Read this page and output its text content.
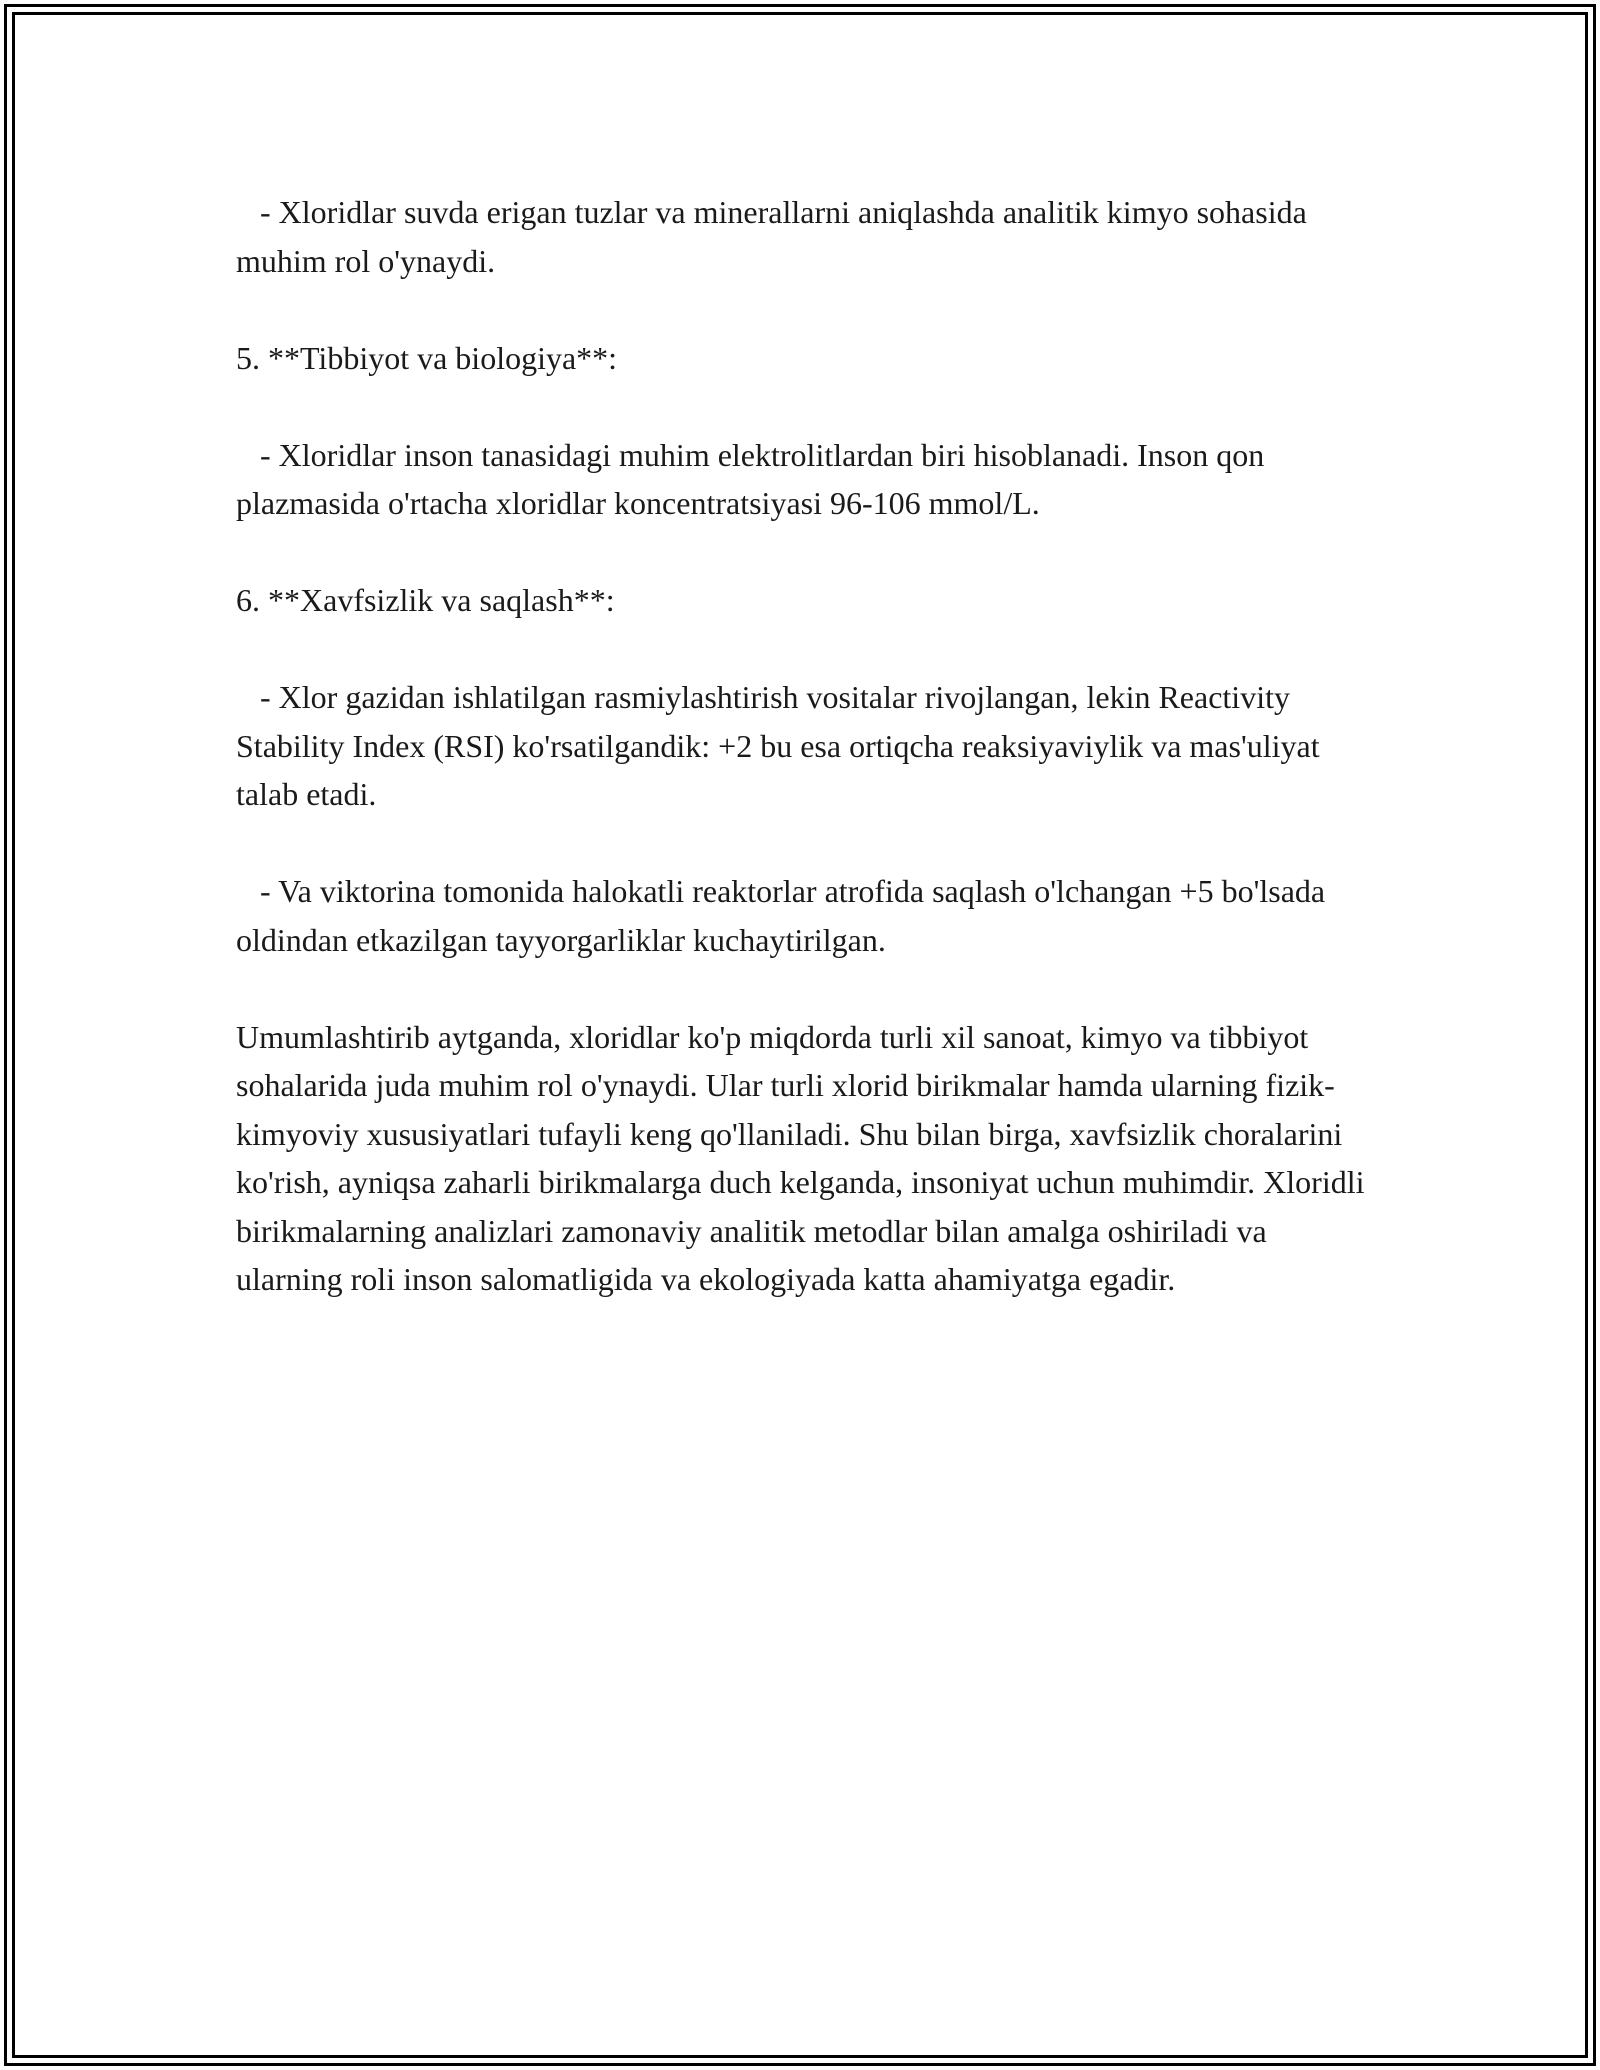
- Xloridlar suvda erigan tuzlar va minerallarni aniqlashda analitik kimyo sohasida muhim rol o'ynaydi.

5. **Tibbiyot va biologiya**:

- Xloridlar inson tanasidagi muhim elektrolitlardan biri hisoblanadi. Inson qon plazmasida o'rtacha xloridlar koncentratsiyasi 96-106 mmol/L.

6. **Xavfsizlik va saqlash**:

- Xlor gazidan ishlatilgan rasmiylashtirish vositalar rivojlangan, lekin Reactivity Stability Index (RSI) ko'rsatilgandik: +2 bu esa ortiqcha reaksiyaviylik va mas'uliyat talab etadi.

- Va viktorina tomonida halokatli reaktorlar atrofida saqlash o'lchangan +5 bo'lsada oldindan etkazilgan tayyorgarliklar kuchaytirilgan.

Umumlashtirib aytganda, xloridlar ko'p miqdorda turli xil sanoat, kimyo va tibbiyot sohalarida juda muhim rol o'ynaydi. Ular turli xlorid birikmalar hamda ularning fizik-kimyoviy xususiyatlari tufayli keng qo'llaniladi. Shu bilan birga, xavfsizlik choralarini ko'rish, ayniqsa zaharli birikmalarga duch kelganda, insoniyat uchun muhimdir. Xloridli birikmalarning analizlari zamonaviy analitik metodlar bilan amalga oshiriladi va ularning roli inson salomatligida va ekologiyada katta ahamiyatga egadir.
